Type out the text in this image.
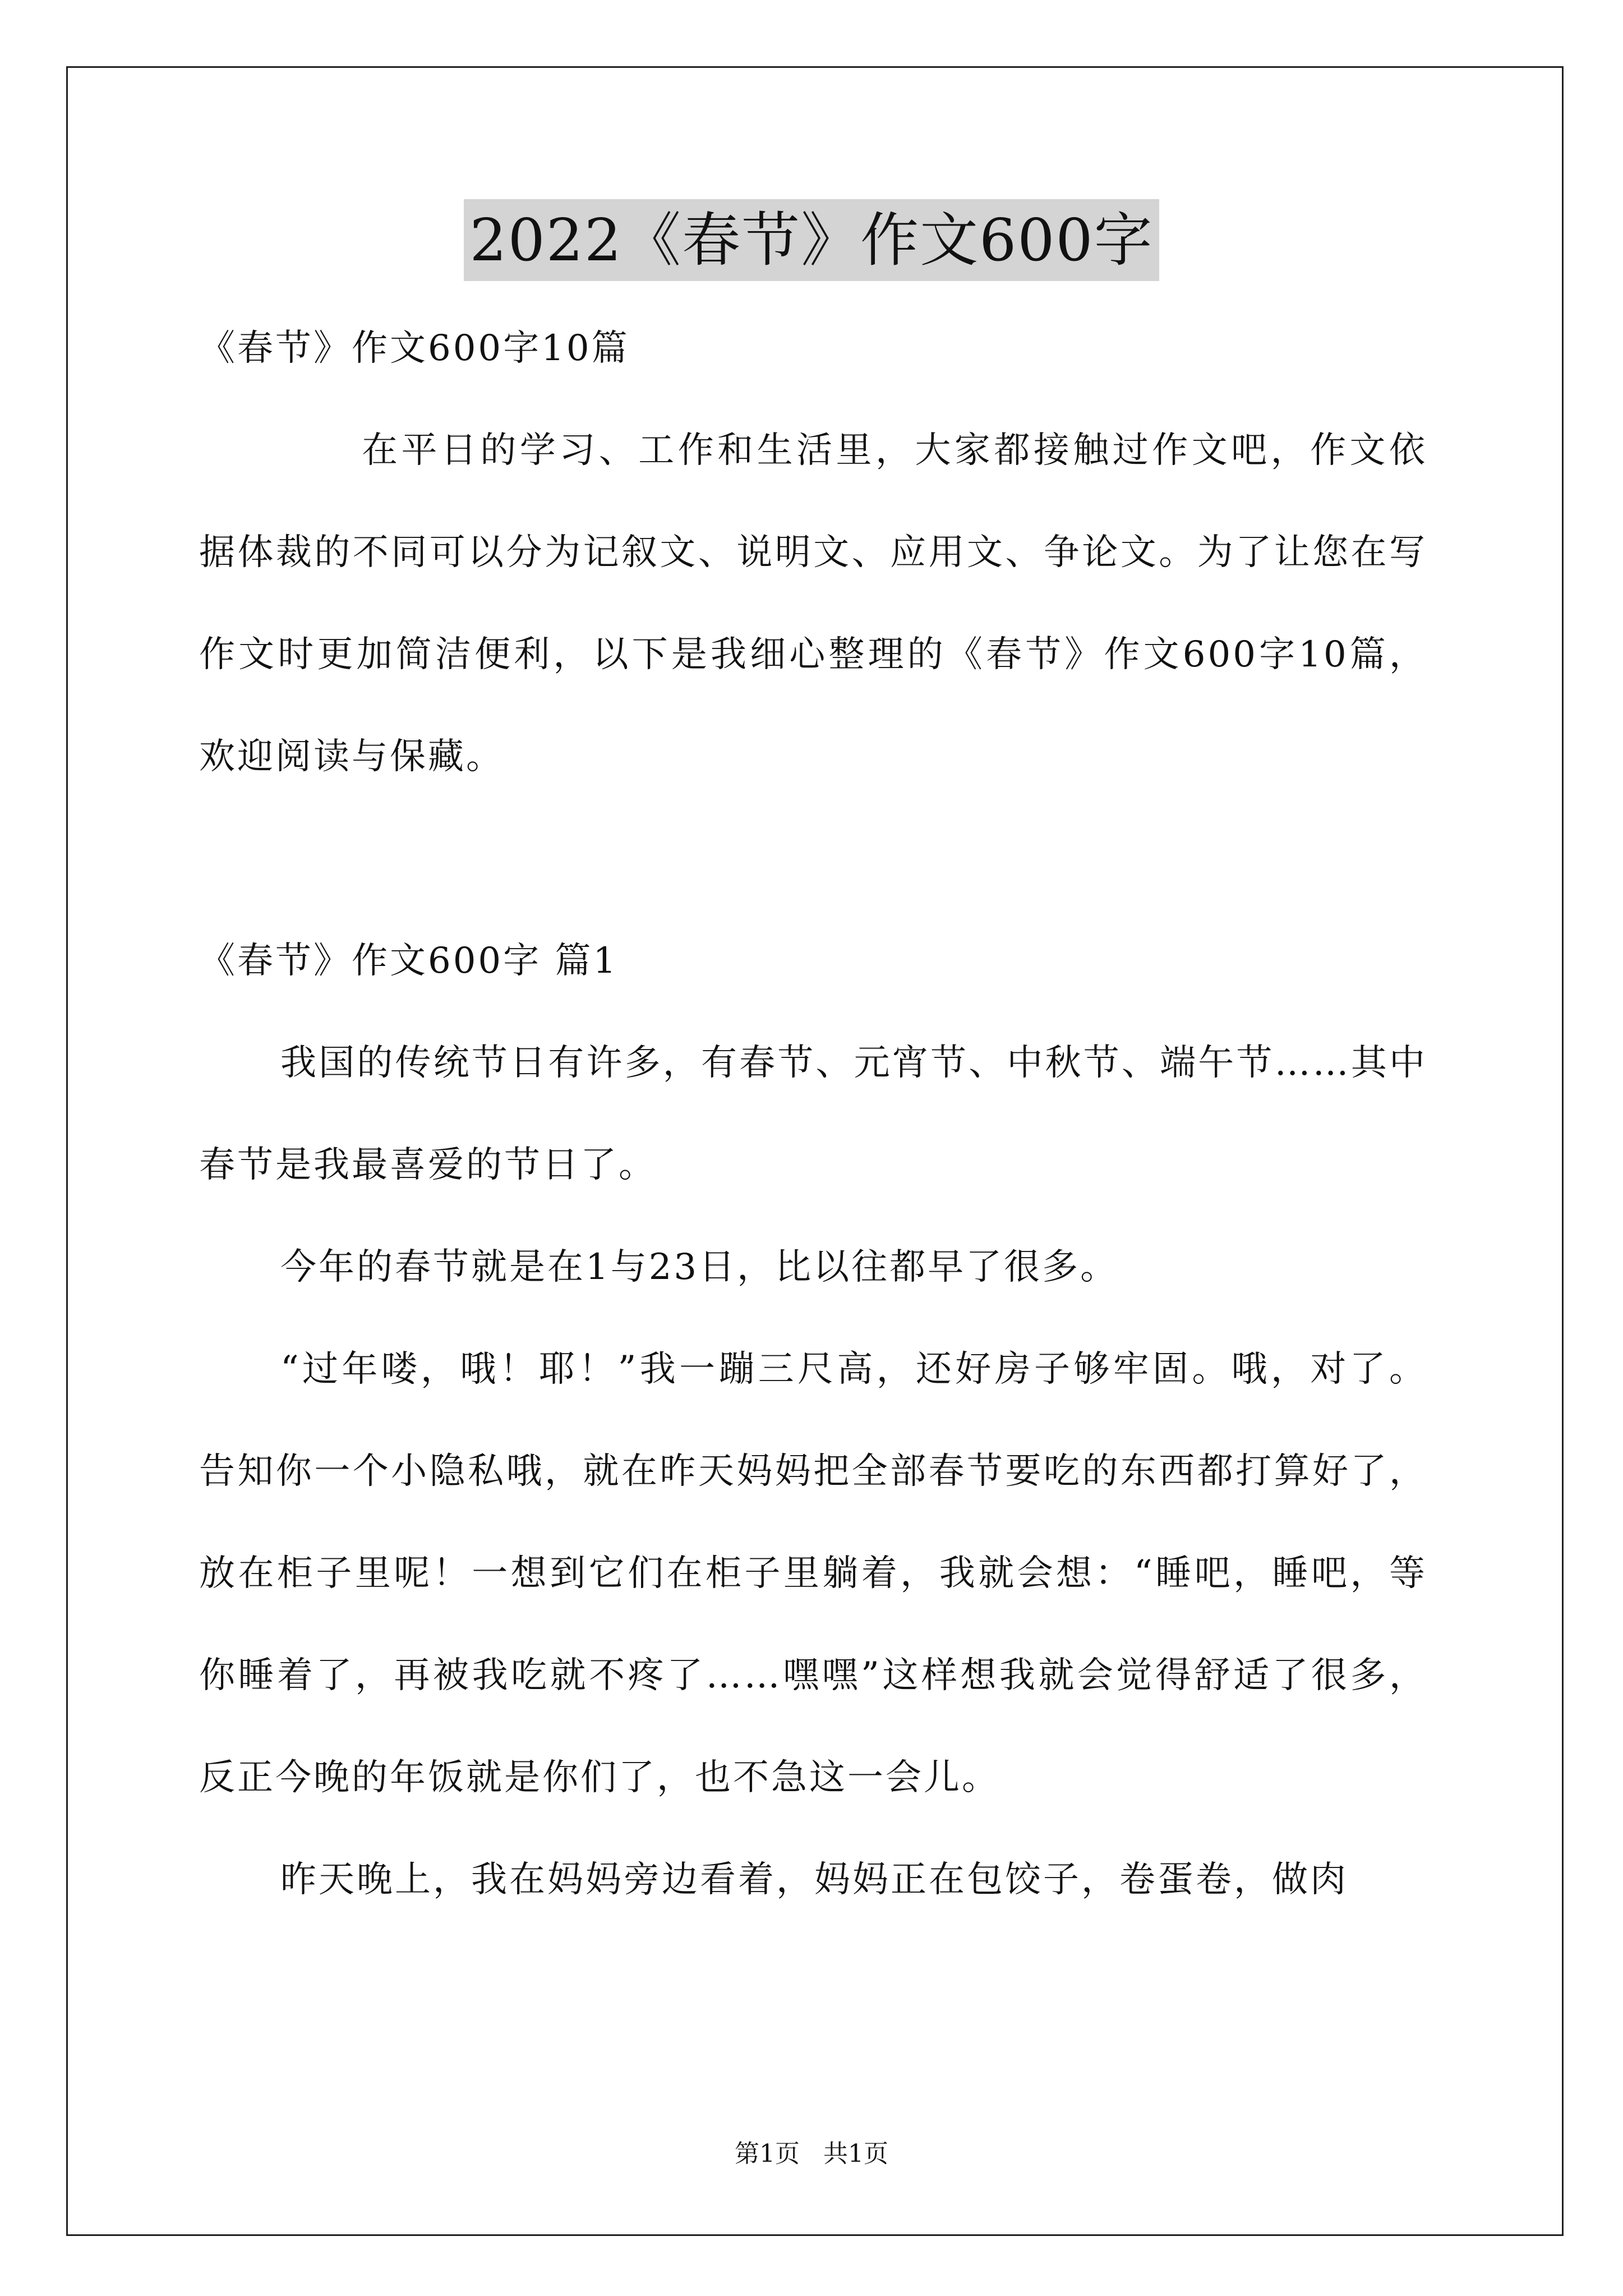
2022《春节》作文600字

《春节》作文600字10篇

在平日的学习、工作和生活里，大家都接触过作文吧，作文依据体裁的不同可以分为记叙文、说明文、应用文、争论文。为了让您在写作文时更加简洁便利，以下是我细心整理的《春节》作文600字10篇，欢迎阅读与保藏。

《春节》作文600字 篇1

我国的传统节日有许多，有春节、元宵节、中秋节、端午节……其中春节是我最喜爱的节日了。

今年的春节就是在1与23日，比以往都早了很多。

“过年喽，哦！耶！”我一蹦三尺高，还好房子够牢固。哦，对了。告知你一个小隐私哦，就在昨天妈妈把全部春节要吃的东西都打算好了，放在柜子里呢！一想到它们在柜子里躺着，我就会想：“睡吧，睡吧，等你睡着了，再被我吃就不疼了……嘿嘿”这样想我就会觉得舒适了很多，反正今晚的年饭就是你们了，也不急这一会儿。

昨天晚上，我在妈妈旁边看着，妈妈正在包饺子，卷蛋卷，做肉

第1页   共1页
